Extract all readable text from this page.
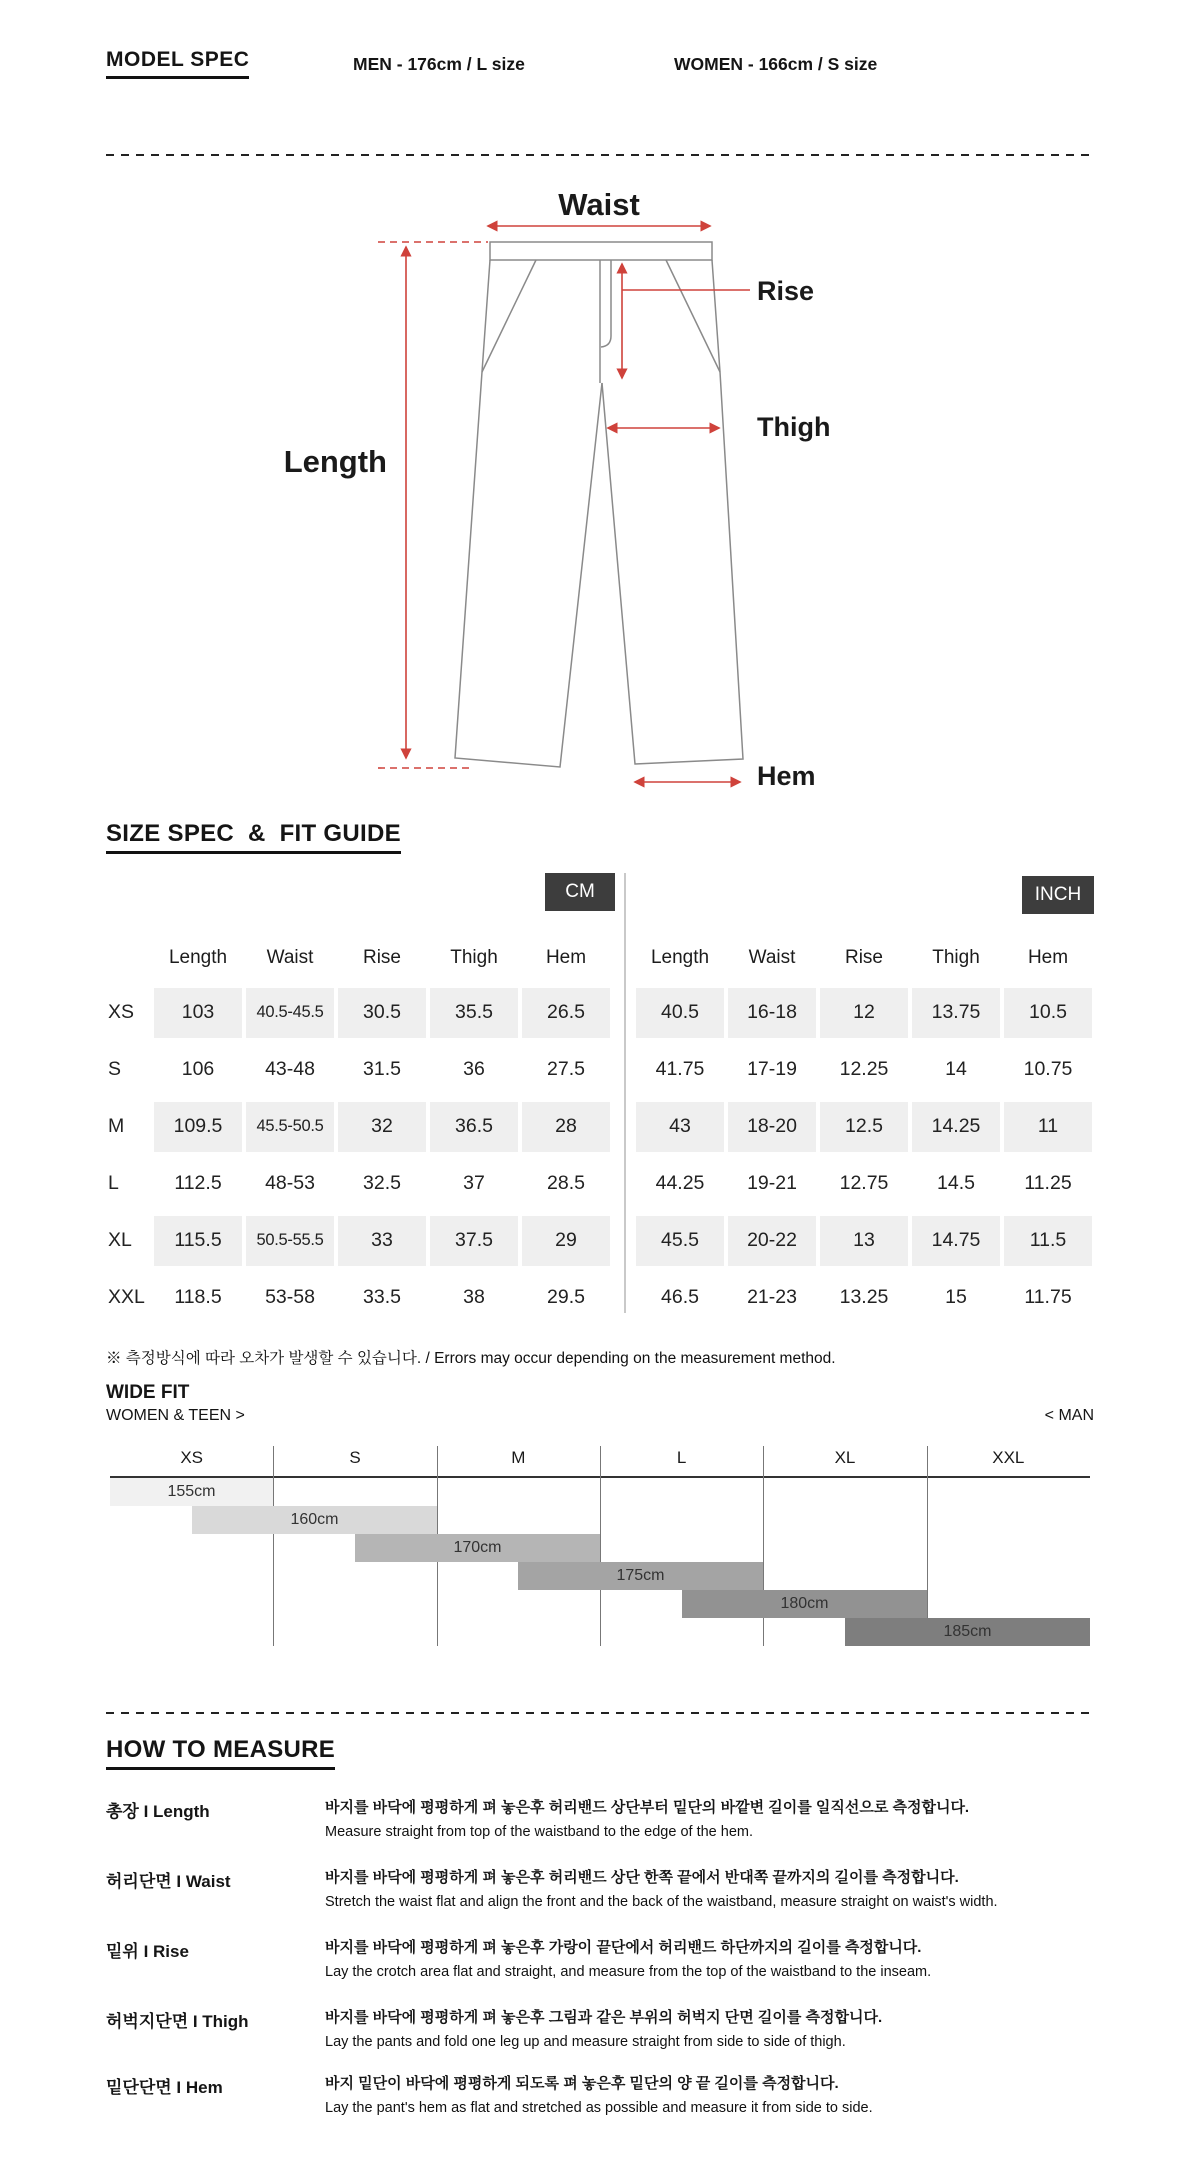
MODEL SPEC	MEN - 176cm / L size	WOMEN - 166cm / S size
Waist
Rise
Thigh
Length
Hem
SIZE SPEC  &  FIT GUIDE
CM	INCH
Length	Waist	Rise	Thigh	Hem
XS	103	40.5-45.5	30.5	35.5	26.5
S	106	43-48	31.5	36	27.5
M	109.5	45.5-50.5	32	36.5	28
L	112.5	48-53	32.5	37	28.5
XL	115.5	50.5-55.5	33	37.5	29
XXL	118.5	53-58	33.5	38	29.5
Length	Waist	Rise	Thigh	Hem
40.5	16-18	12	13.75	10.5
41.75	17-19	12.25	14	10.75
43	18-20	12.5	14.25	11
44.25	19-21	12.75	14.5	11.25
45.5	20-22	13	14.75	11.5
46.5	21-23	13.25	15	11.75
※ 측정방식에 따라 오차가 발생할 수 있습니다. / Errors may occur depending on the measurement method.
WIDE FIT
WOMEN & TEEN >	< MAN
XS	S	M	L	XL	XXL
155cm
160cm
170cm
175cm
180cm
185cm
HOW TO MEASURE
총장 I Length	바지를 바닥에 평평하게 펴 놓은후 허리밴드 상단부터 밑단의 바깥변 길이를 일직선으로 측정합니다.

Measure straight from top of the waistband to the edge of the hem.

허리단면 I Waist	바지를 바닥에 평평하게 펴 놓은후 허리밴드 상단 한쪽 끝에서 반대쪽 끝까지의 길이를 측정합니다.

Stretch the waist flat and align the front and the back of the waistband, measure straight on waist's width.

밑위 I Rise	바지를 바닥에 평평하게 펴 놓은후 가랑이 끝단에서 허리밴드 하단까지의 길이를 측정합니다.

Lay the crotch area flat and straight, and measure from the top of the waistband to the inseam.

허벅지단면 I Thigh	바지를 바닥에 평평하게 펴 놓은후 그림과 같은 부위의 허벅지 단면 길이를 측정합니다.

Lay the pants and fold one leg up and measure straight from side to side of thigh.

밑단단면 I Hem	바지 밑단이 바닥에 평평하게 되도록 펴 놓은후 밑단의 양 끝 길이를 측정합니다.

Lay the pant's hem as flat and stretched as possible and measure it from side to side.
